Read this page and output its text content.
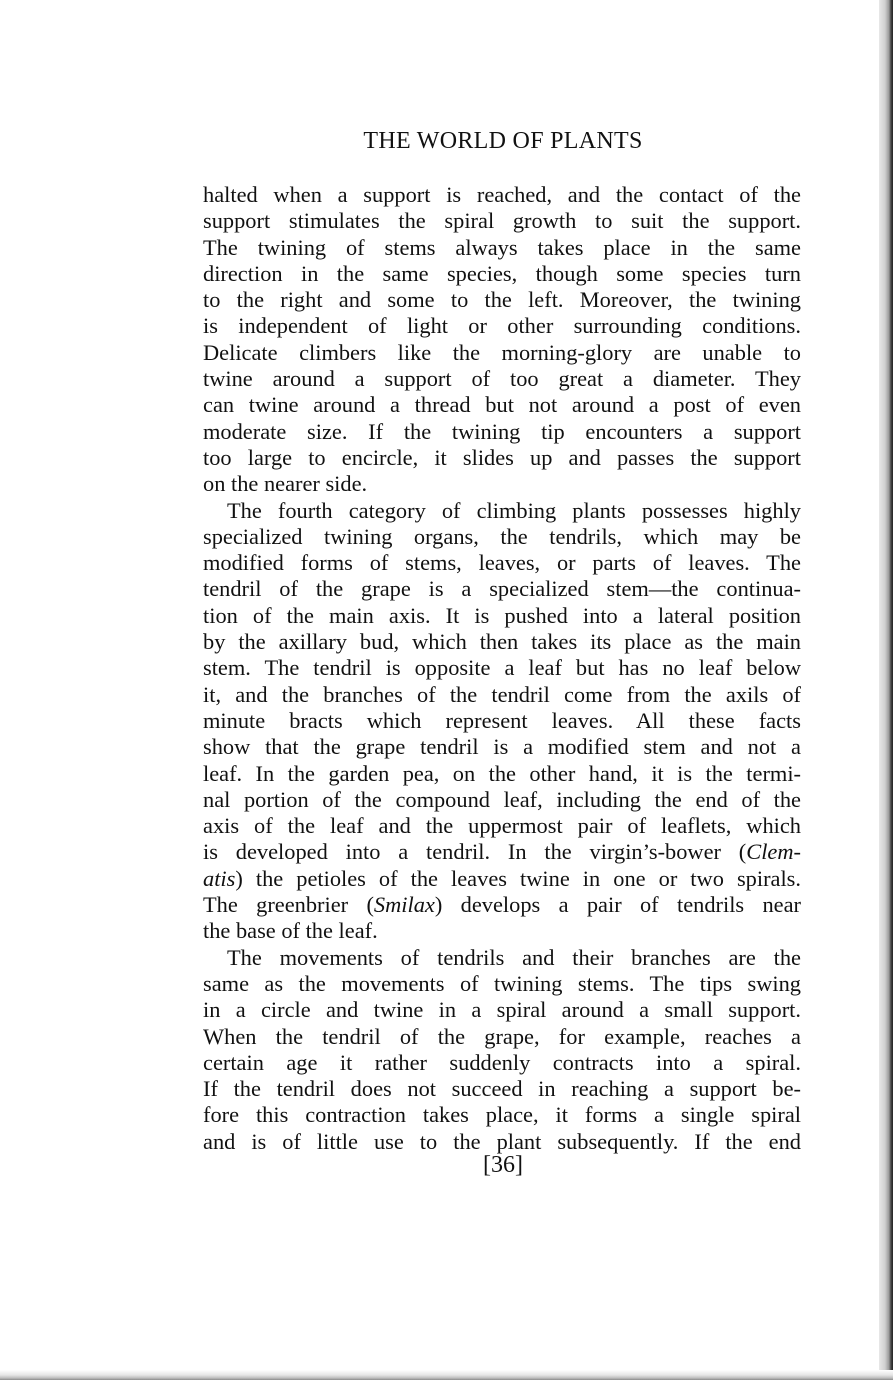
THE WORLD OF PLANTS
halted when a support is reached, and the contact of the
support stimulates the spiral growth to suit the support.
The twining of stems always takes place in the same
direction in the same species, though some species turn
to the right and some to the left. Moreover, the twining
is independent of light or other surrounding conditions.
Delicate climbers like the morning-glory are unable to
twine around a support of too great a diameter. They
can twine around a thread but not around a post of even
moderate size. If the twining tip encounters a support
too large to encircle, it slides up and passes the support
on the nearer side.
The fourth category of climbing plants possesses highly
specialized twining organs, the tendrils, which may be
modified forms of stems, leaves, or parts of leaves. The
tendril of the grape is a specialized stem—the continua-
tion of the main axis. It is pushed into a lateral position
by the axillary bud, which then takes its place as the main
stem. The tendril is opposite a leaf but has no leaf below
it, and the branches of the tendril come from the axils of
minute bracts which represent leaves. All these facts
show that the grape tendril is a modified stem and not a
leaf. In the garden pea, on the other hand, it is the termi-
nal portion of the compound leaf, including the end of the
axis of the leaf and the uppermost pair of leaflets, which
is developed into a tendril. In the virgin’s-bower (Clem-
atis) the petioles of the leaves twine in one or two spirals.
The greenbrier (Smilax) develops a pair of tendrils near
the base of the leaf.
The movements of tendrils and their branches are the
same as the movements of twining stems. The tips swing
in a circle and twine in a spiral around a small support.
When the tendril of the grape, for example, reaches a
certain age it rather suddenly contracts into a spiral.
If the tendril does not succeed in reaching a support be-
fore this contraction takes place, it forms a single spiral
and is of little use to the plant subsequently. If the end
[36]
